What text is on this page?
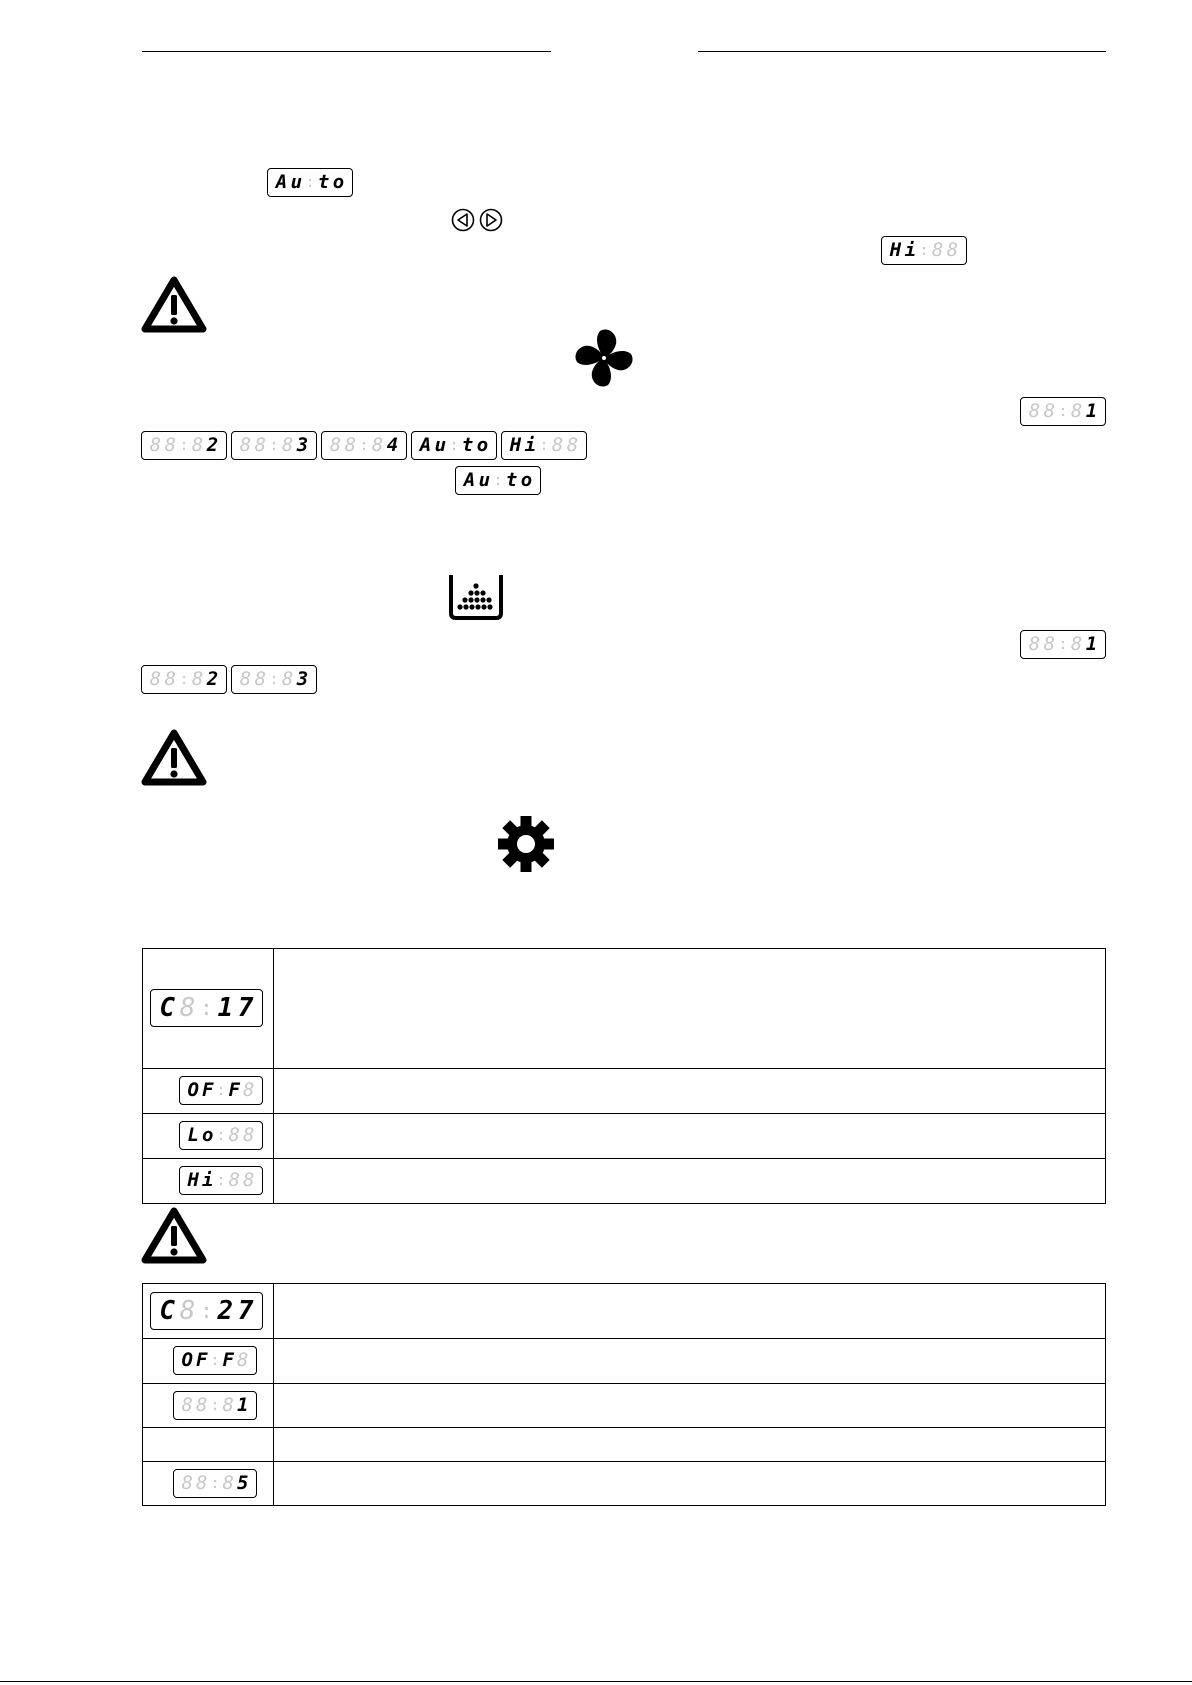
A u : t o
H i : 8 8
8 8 : 8 1
8 8 : 8 2 8 8 : 8 3 8 8 : 8 4 A u : t o H i : 8 8
A u : t o
8 8 : 8 1
8 8 : 8 2 8 8 : 8 3
C 8 : 1 7	

O F : F 8	

L o : 8 8	

H i : 8 8	

C 8 : 2 7	

O F : F 8	

8 8 : 8 1	

8 8 : 8 5	
